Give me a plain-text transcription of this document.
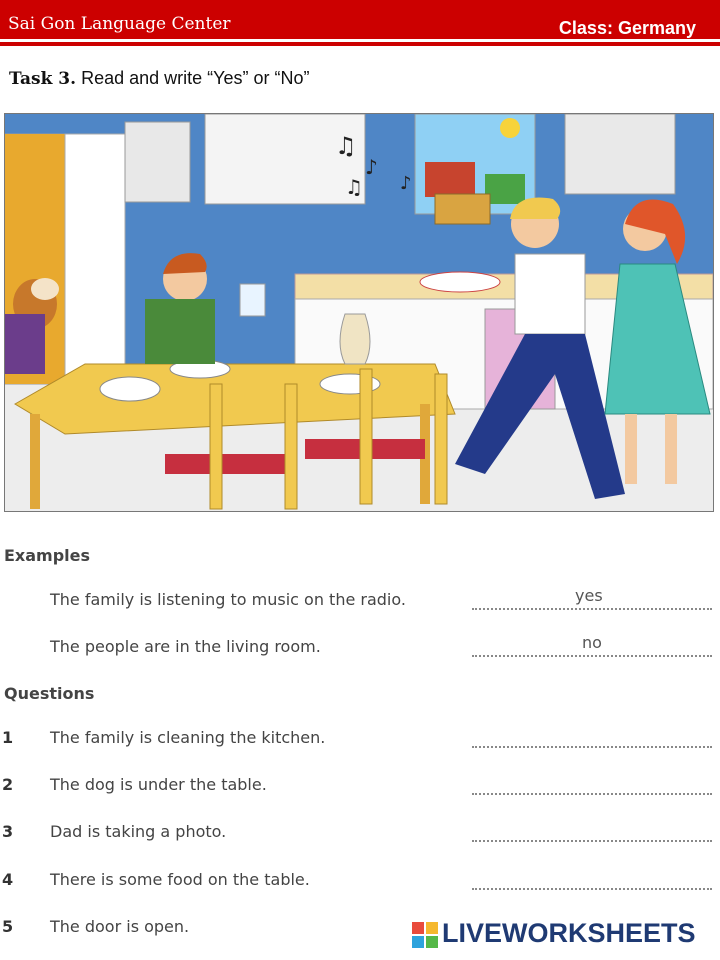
Sai Gon Language Center	Class: Germany
Task 3. Read and write “Yes” or “No”
♫
♪
♫ ♪
Examples
The family is listening to music on the radio.	yes
The people are in the living room.	no
Questions
1 The family is cleaning the kitchen.
2 The dog is under the table.
3 Dad is taking a photo.
4 There is some food on the table.
5 The door is open.	LIVEWORKSHEETS
